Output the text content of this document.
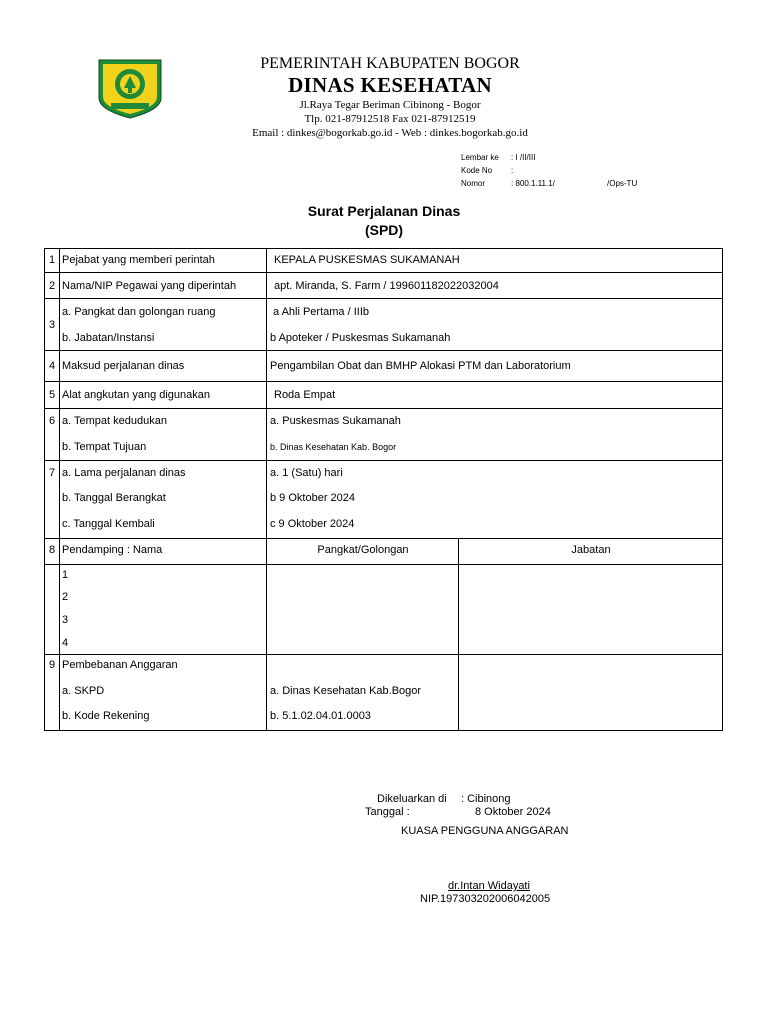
PEMERINTAH KABUPATEN BOGOR
DINAS KESEHATAN
Jl.Raya Tegar Beriman Cibinong - Bogor
Tlp. 021-87912518 Fax 021-87912519
Email : dinkes@bogorkab.go.id - Web : dinkes.bogorkab.go.id
Lembar ke	: I /II/III
Kode No	:
Nomor	: 800.1.11.1/	/Ops-TU
Surat Perjalanan Dinas
(SPD)
1 Pejabat yang memberi perintah	KEPALA PUSKESMAS SUKAMANAH
2 Nama/NIP Pegawai yang diperintah	apt. Miranda, S. Farm / 199601182022032004
3
a. Pangkat dan golongan ruang	a Ahli Pertama / IIIb
b. Jabatan/Instansi	b Apoteker / Puskesmas Sukamanah
4 Maksud perjalanan dinas	Pengambilan Obat dan BMHP Alokasi PTM dan Laboratorium
5 Alat angkutan yang digunakan	Roda Empat
6 a. Tempat kedudukan	a. Puskesmas Sukamanah
b. Tempat Tujuan	b. Dinas Kesehatan Kab. Bogor
7 a. Lama perjalanan dinas	a. 1 (Satu) hari
b. Tanggal Berangkat	b 9 Oktober 2024
c. Tanggal Kembali	c 9 Oktober 2024
8 Pendamping : Nama	Pangkat/Golongan	Jabatan
1
2
3
4
9 Pembebanan Anggaran
a. SKPD	a. Dinas Kesehatan Kab.Bogor
b. Kode Rekening	b. 5.1.02.04.01.0003
Dikeluarkan di : Cibinong
Tanggal :	8 Oktober 2024
KUASA PENGGUNA ANGGARAN
dr.Intan Widayati
NIP.197303202006042005
